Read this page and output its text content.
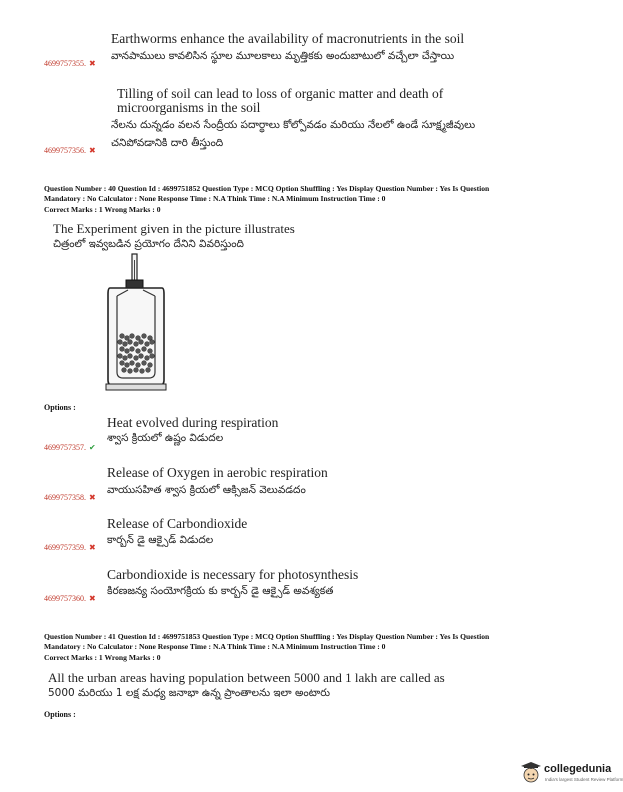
Earthworms enhance the availability of macronutrients in the soil
వానపాములు కావలిసిన స్థూల మూలకాలు మృత్తికకు అందుబాటులో వచ్చేలా చేస్తాయి
4699757355. ✖
Tilling of soil can lead to loss of organic matter and death of
microorganisms in the soil
నేలను దున్నడం వలన సేంద్రీయ పదార్థాలు కోల్పోవడం మరియు నేలలో ఉండే సూక్ష్మజీవులు
చనిపోవడానికి దారి తీస్తుంది
4699757356. ✖
Question Number : 40 Question Id : 4699751852 Question Type : MCQ Option Shuffling : Yes Display Question Number : Yes Is Question
Mandatory : No Calculator : None Response Time : N.A Think Time : N.A Minimum Instruction Time : 0
Correct Marks : 1 Wrong Marks : 0
The Experiment given in the picture illustrates
చిత్రంలో ఇవ్వబడిన ప్రయోగం దేనిని వివరిస్తుంది
Options :
Heat evolved during respiration
శ్వాస క్రియలో ఉష్ణం విడుదల
4699757357. ✔
Release of Oxygen in aerobic respiration
వాయుసహిత శ్వాస క్రియలో ఆక్సిజన్ వెలువడదం
4699757358. ✖
Release of Carbondioxide
కార్బన్ డై ఆక్సైడ్ విడుదల
4699757359. ✖
Carbondioxide is necessary for photosynthesis
కిరణజన్య సంయోగక్రియ కు కార్బన్ డై ఆక్సైడ్ అవశ్యకత
4699757360. ✖
Question Number : 41 Question Id : 4699751853 Question Type : MCQ Option Shuffling : Yes Display Question Number : Yes Is Question
Mandatory : No Calculator : None Response Time : N.A Think Time : N.A Minimum Instruction Time : 0
Correct Marks : 1 Wrong Marks : 0
All the urban areas having population between 5000 and 1 lakh are called as
5000 మరియు 1 లక్ష మధ్య జనాభా ఉన్న ప్రాంతాలను ఇలా అంటారు
Options :
collegedunia
India's largest Student Review Platform
